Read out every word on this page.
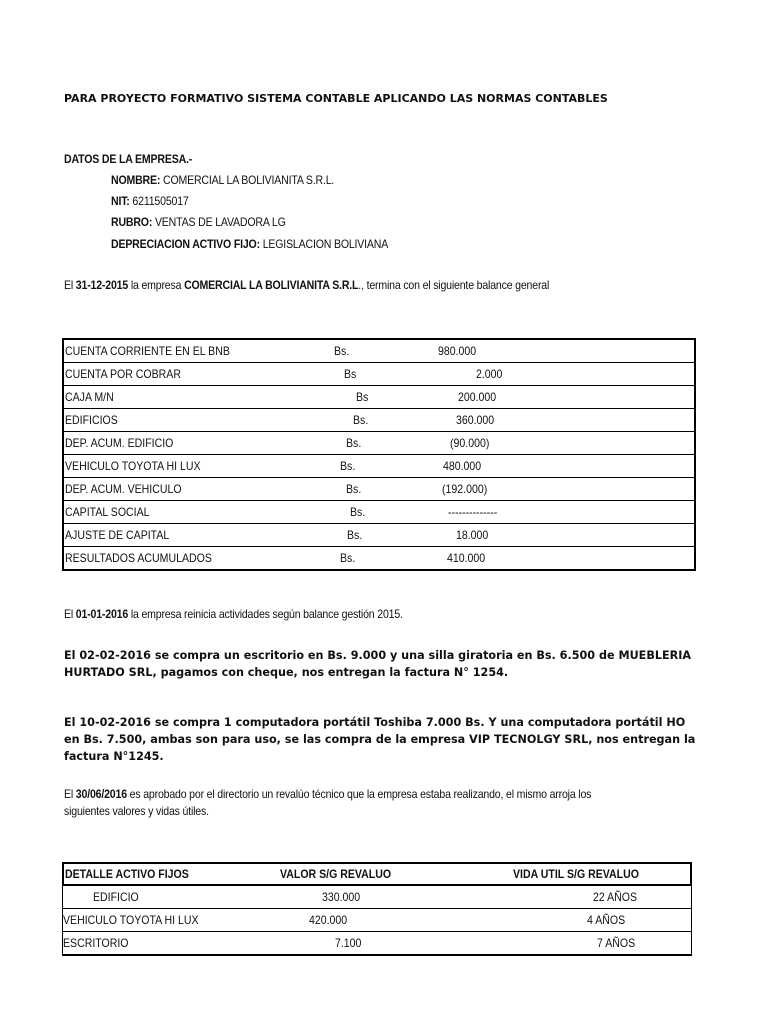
PARA PROYECTO FORMATIVO SISTEMA CONTABLE APLICANDO LAS NORMAS CONTABLES
DATOS DE LA EMPRESA.-
NOMBRE: COMERCIAL LA BOLIVIANITA S.R.L.
NIT: 6211505017
RUBRO: VENTAS DE LAVADORA LG
DEPRECIACION ACTIVO FIJO: LEGISLACION BOLIVIANA
El 31-12-2015 la empresa COMERCIAL LA BOLIVIANITA S.R.L., termina con el siguiente balance general
CUENTA CORRIENTE EN EL BNB	Bs.	980.000
CUENTA POR COBRAR	Bs	2.000
CAJA M/N	Bs	200.000
EDIFICIOS	Bs.	360.000
DEP. ACUM. EDIFICIO	Bs.	(90.000)
VEHICULO TOYOTA HI LUX	Bs.	480.000
DEP. ACUM. VEHICULO	Bs.	(192.000)
CAPITAL SOCIAL	Bs.	--------------
AJUSTE DE CAPITAL	Bs.	18.000
RESULTADOS ACUMULADOS	Bs.	410.000
El 01-01-2016 la empresa reinicia actividades según balance gestión 2015.
El 02-02-2016 se compra un escritorio en Bs. 9.000 y una silla giratoria en Bs. 6.500 de MUEBLERIA HURTADO SRL, pagamos con cheque, nos entregan la factura N° 1254.
El 10-02-2016 se compra 1 computadora portátil Toshiba 7.000 Bs. Y una computadora portátil HO en Bs. 7.500, ambas son para uso, se las compra de la empresa VIP TECNOLGY SRL, nos entregan la factura N°1245.
El 30/06/2016 es aprobado por el directorio un revalúo técnico que la empresa estaba realizando, el mismo arroja los
siguientes valores y vidas útiles.
DETALLE ACTIVO FIJOS	VALOR S/G REVALUO	VIDA UTIL S/G REVALUO
EDIFICIO	330.000	22 AÑOS
VEHICULO TOYOTA HI LUX	420.000	4 AÑOS
ESCRITORIO	7.100	7 AÑOS
